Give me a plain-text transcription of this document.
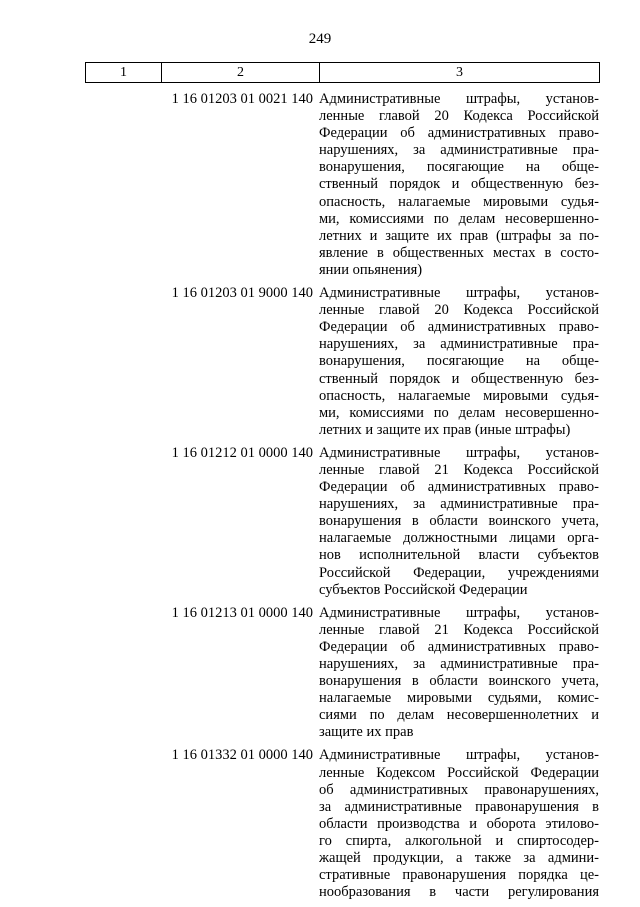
249
1	2	3
1 16 01203 01 0021 140 Административные штрафы, установ-
ленные главой 20 Кодекса Российской
Федерации об административных право-
нарушениях, за административные пра-
вонарушения, посягающие на обще-
ственный порядок и общественную без-
опасность, налагаемые мировыми судья-
ми, комиссиями по делам несовершенно-
летних и защите их прав (штрафы за по-
явление в общественных местах в состо-
янии опьянения)
1 16 01203 01 9000 140 Административные штрафы, установ-
ленные главой 20 Кодекса Российской
Федерации об административных право-
нарушениях, за административные пра-
вонарушения, посягающие на обще-
ственный порядок и общественную без-
опасность, налагаемые мировыми судья-
ми, комиссиями по делам несовершенно-
летних и защите их прав (иные штрафы)
1 16 01212 01 0000 140 Административные штрафы, установ-
ленные главой 21 Кодекса Российской
Федерации об административных право-
нарушениях, за административные пра-
вонарушения в области воинского учета,
налагаемые должностными лицами орга-
нов исполнительной власти субъектов
Российской Федерации, учреждениями
субъектов Российской Федерации
1 16 01213 01 0000 140 Административные штрафы, установ-
ленные главой 21 Кодекса Российской
Федерации об административных право-
нарушениях, за административные пра-
вонарушения в области воинского учета,
налагаемые мировыми судьями, комис-
сиями по делам несовершеннолетних и
защите их прав
1 16 01332 01 0000 140 Административные штрафы, установ-
ленные Кодексом Российской Федерации
об административных правонарушениях,
за административные правонарушения в
области производства и оборота этилово-
го спирта, алкогольной и спиртосодер-
жащей продукции, а также за админи-
стративные правонарушения порядка це-
нообразования в части регулирования
